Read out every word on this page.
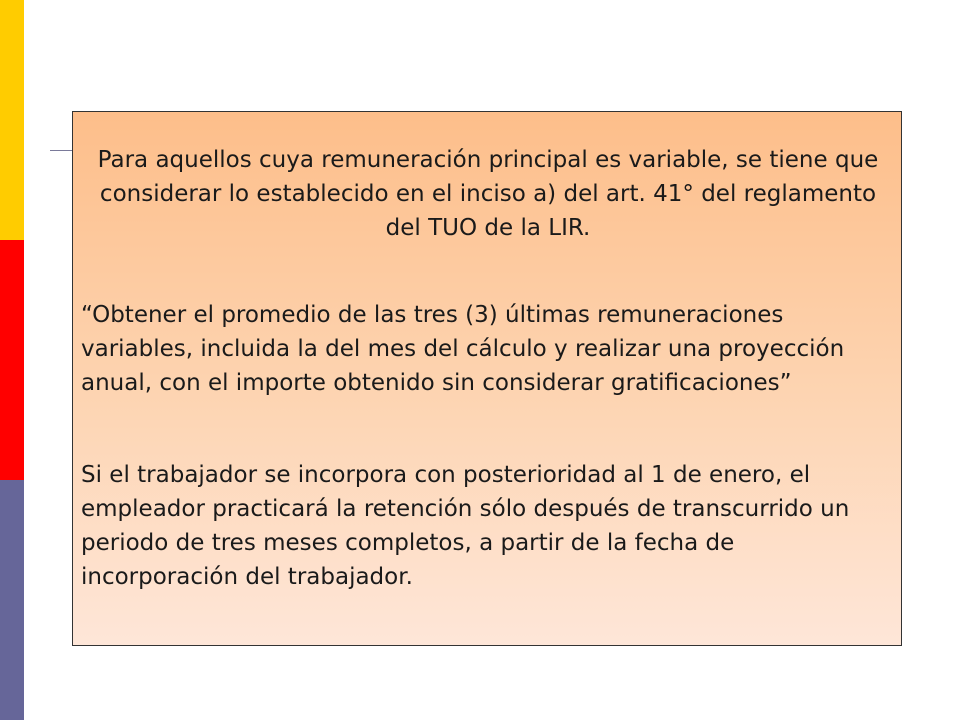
Para aquellos cuya remuneración principal es variable, se tiene que considerar lo establecido en el inciso a) del art. 41° del reglamento del TUO de la LIR.

“Obtener el promedio de las tres (3) últimas remuneraciones variables, incluida la del mes del cálculo y realizar una proyección anual, con el importe obtenido sin considerar gratificaciones”

Si el trabajador se incorpora con posterioridad al 1 de enero, el empleador practicará la retención sólo después de transcurrido un periodo de tres meses completos, a partir de la fecha de incorporación del trabajador.
